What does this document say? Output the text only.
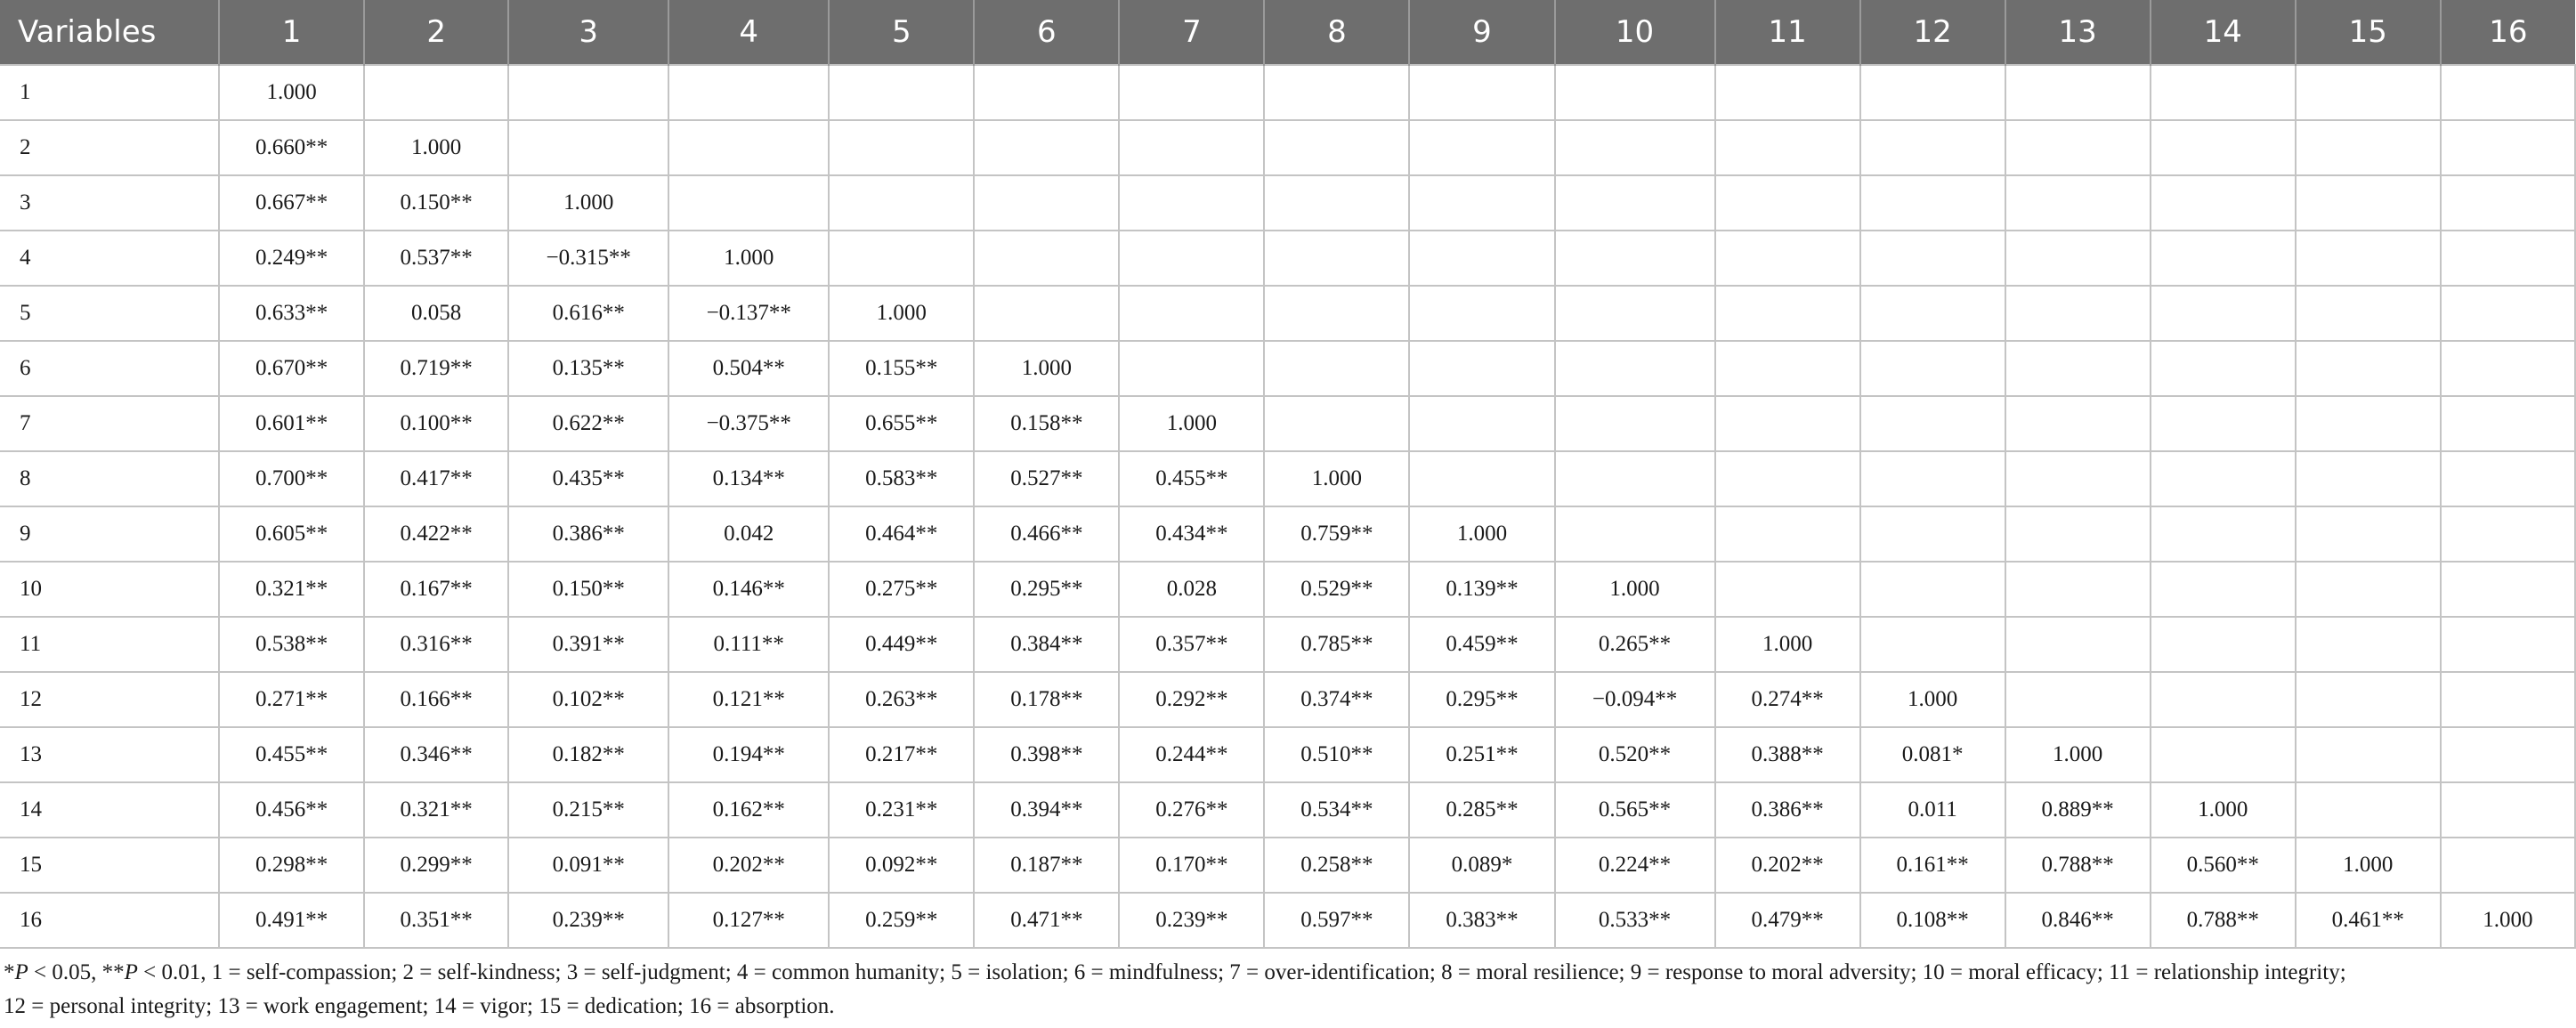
Variables	1	2	3	4	5	6	7	8	9	10	11	12	13	14	15	16
1	1.000															
2	0.660**	1.000														
3	0.667**	0.150**	1.000													
4	0.249**	0.537**	−0.315**	1.000												
5	0.633**	0.058	0.616**	−0.137**	1.000											
6	0.670**	0.719**	0.135**	0.504**	0.155**	1.000										
7	0.601**	0.100**	0.622**	−0.375**	0.655**	0.158**	1.000									
8	0.700**	0.417**	0.435**	0.134**	0.583**	0.527**	0.455**	1.000								
9	0.605**	0.422**	0.386**	0.042	0.464**	0.466**	0.434**	0.759**	1.000							
10	0.321**	0.167**	0.150**	0.146**	0.275**	0.295**	0.028	0.529**	0.139**	1.000						
11	0.538**	0.316**	0.391**	0.111**	0.449**	0.384**	0.357**	0.785**	0.459**	0.265**	1.000					
12	0.271**	0.166**	0.102**	0.121**	0.263**	0.178**	0.292**	0.374**	0.295**	−0.094**	0.274**	1.000				
13	0.455**	0.346**	0.182**	0.194**	0.217**	0.398**	0.244**	0.510**	0.251**	0.520**	0.388**	0.081*	1.000			
14	0.456**	0.321**	0.215**	0.162**	0.231**	0.394**	0.276**	0.534**	0.285**	0.565**	0.386**	0.011	0.889**	1.000		
15	0.298**	0.299**	0.091**	0.202**	0.092**	0.187**	0.170**	0.258**	0.089*	0.224**	0.202**	0.161**	0.788**	0.560**	1.000	
16	0.491**	0.351**	0.239**	0.127**	0.259**	0.471**	0.239**	0.597**	0.383**	0.533**	0.479**	0.108**	0.846**	0.788**	0.461**	1.000
*P < 0.05, **P < 0.01, 1 = self-compassion; 2 = self-kindness; 3 = self-judgment; 4 = common humanity; 5 = isolation; 6 = mindfulness; 7 = over-identification; 8 = moral resilience; 9 = response to moral adversity; 10 = moral efficacy; 11 = relationship integrity;
12 = personal integrity; 13 = work engagement; 14 = vigor; 15 = dedication; 16 = absorption.
